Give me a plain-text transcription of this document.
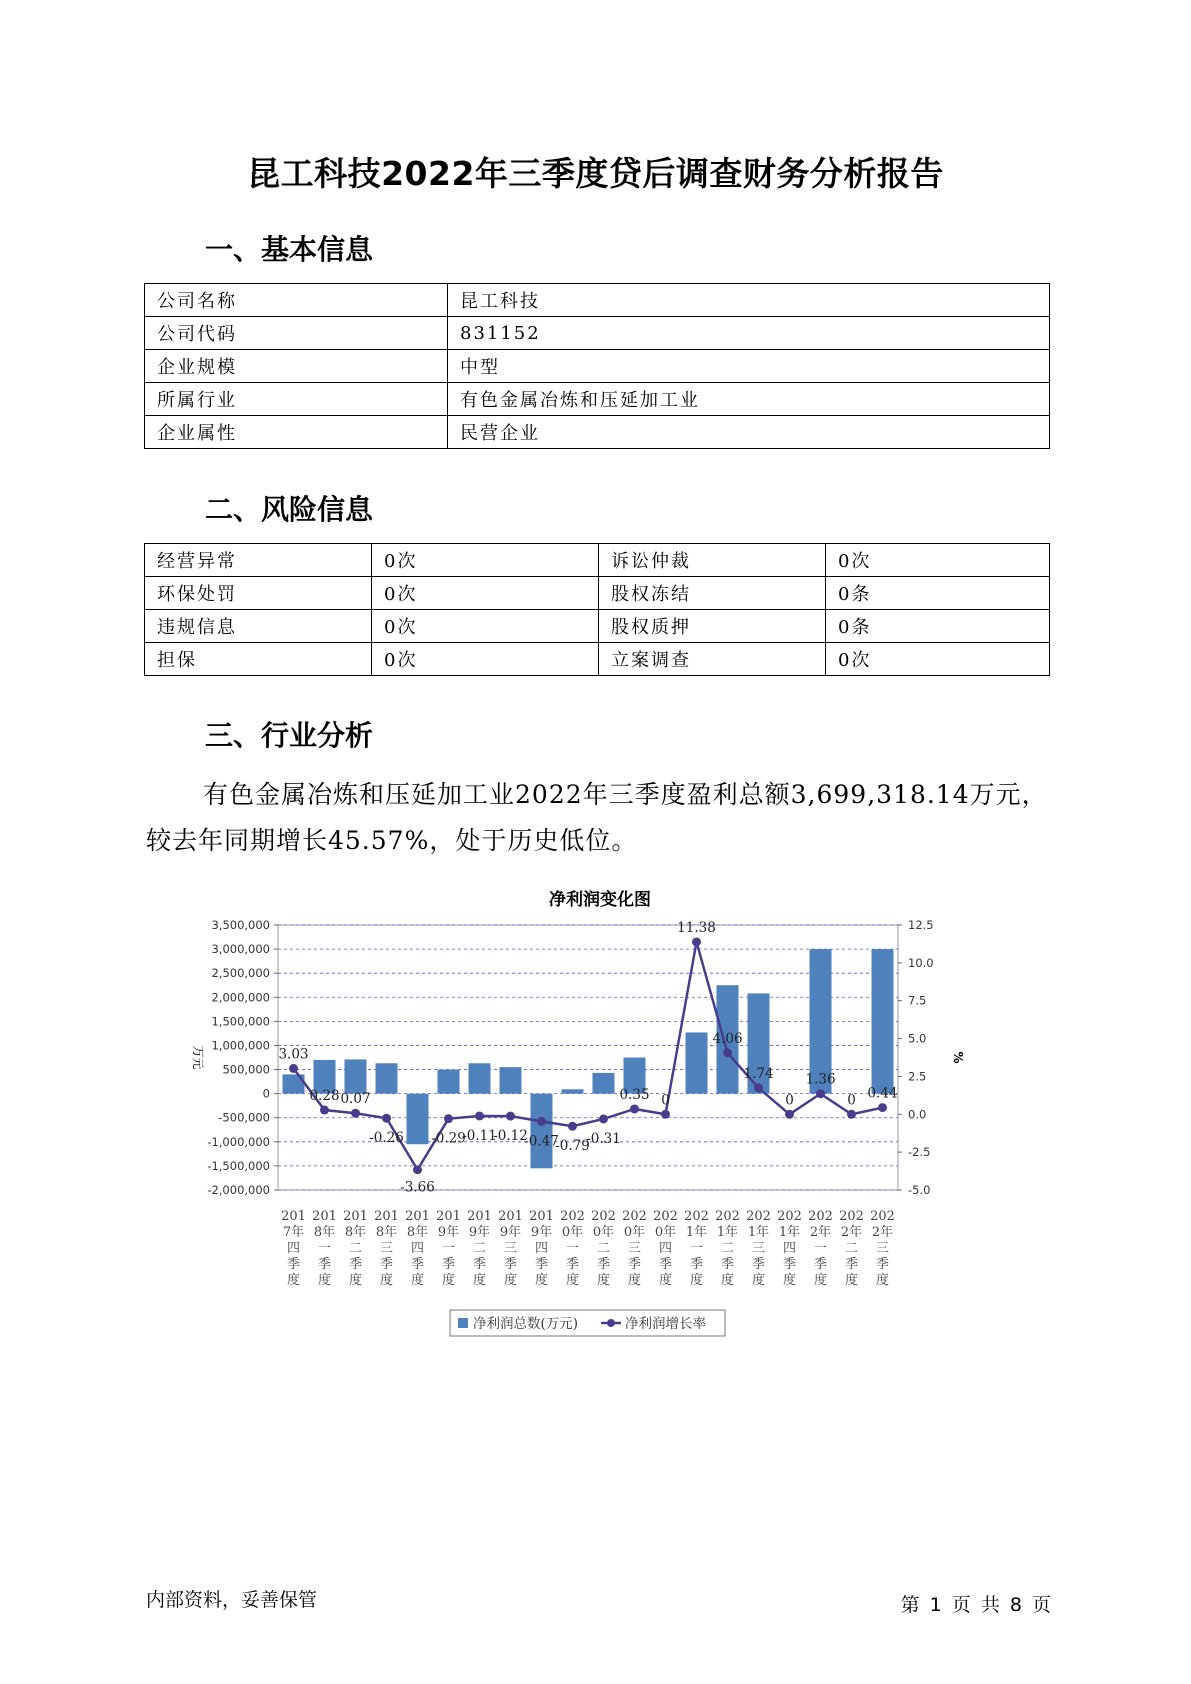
昆工科技2022年三季度贷后调查财务分析报告
一、基本信息
公司名称	昆工科技
公司代码	831152
企业规模	中型
所属行业	有色金属冶炼和压延加工业
企业属性	民营企业
二、风险信息
经营异常	0次	诉讼仲裁	0次
环保处罚	0次	股权冻结	0条
违规信息	0次	股权质押	0条
担保	0次	立案调查	0次
三、行业分析
有色金属冶炼和压延加工业2022年三季度盈利总额3,699,318.14万元，较去年同期增长45.57%，处于历史低位。
净利润变化图
3.03
0.28 0.07
-0.26
-3.66
-0.29
-0.11
-0.12
-0.47
-0.79
-0.31
0.35 0
11.38
4.06
1.74
0
1.36
0 0.44
3,500,000
3,000,000
2,500,000
2,000,000
1,500,000
1,000,000
500,000
0
-500,000
-1,000,000
-1,500,000
-2,000,000
12.5
10.0
7.5
5.0
2.5
0.0
-2.5
-5.0
万元	%
201 7年四季度
201 8年一季度
201 8年二季度
201 8年三季度
201 8年四季度
201 9年一季度
201 9年二季度
201 9年三季度
201 9年四季度
202 0年一季度
202 0年二季度
202 0年三季度
202 0年四季度
202 1年一季度
202 1年二季度
202 1年三季度
202 1年四季度
202 2年一季度
202 2年二季度
202 2年三季度
净利润总数(万元)	净利润增长率
内部资料，妥善保管	第 1 页 共 8 页
